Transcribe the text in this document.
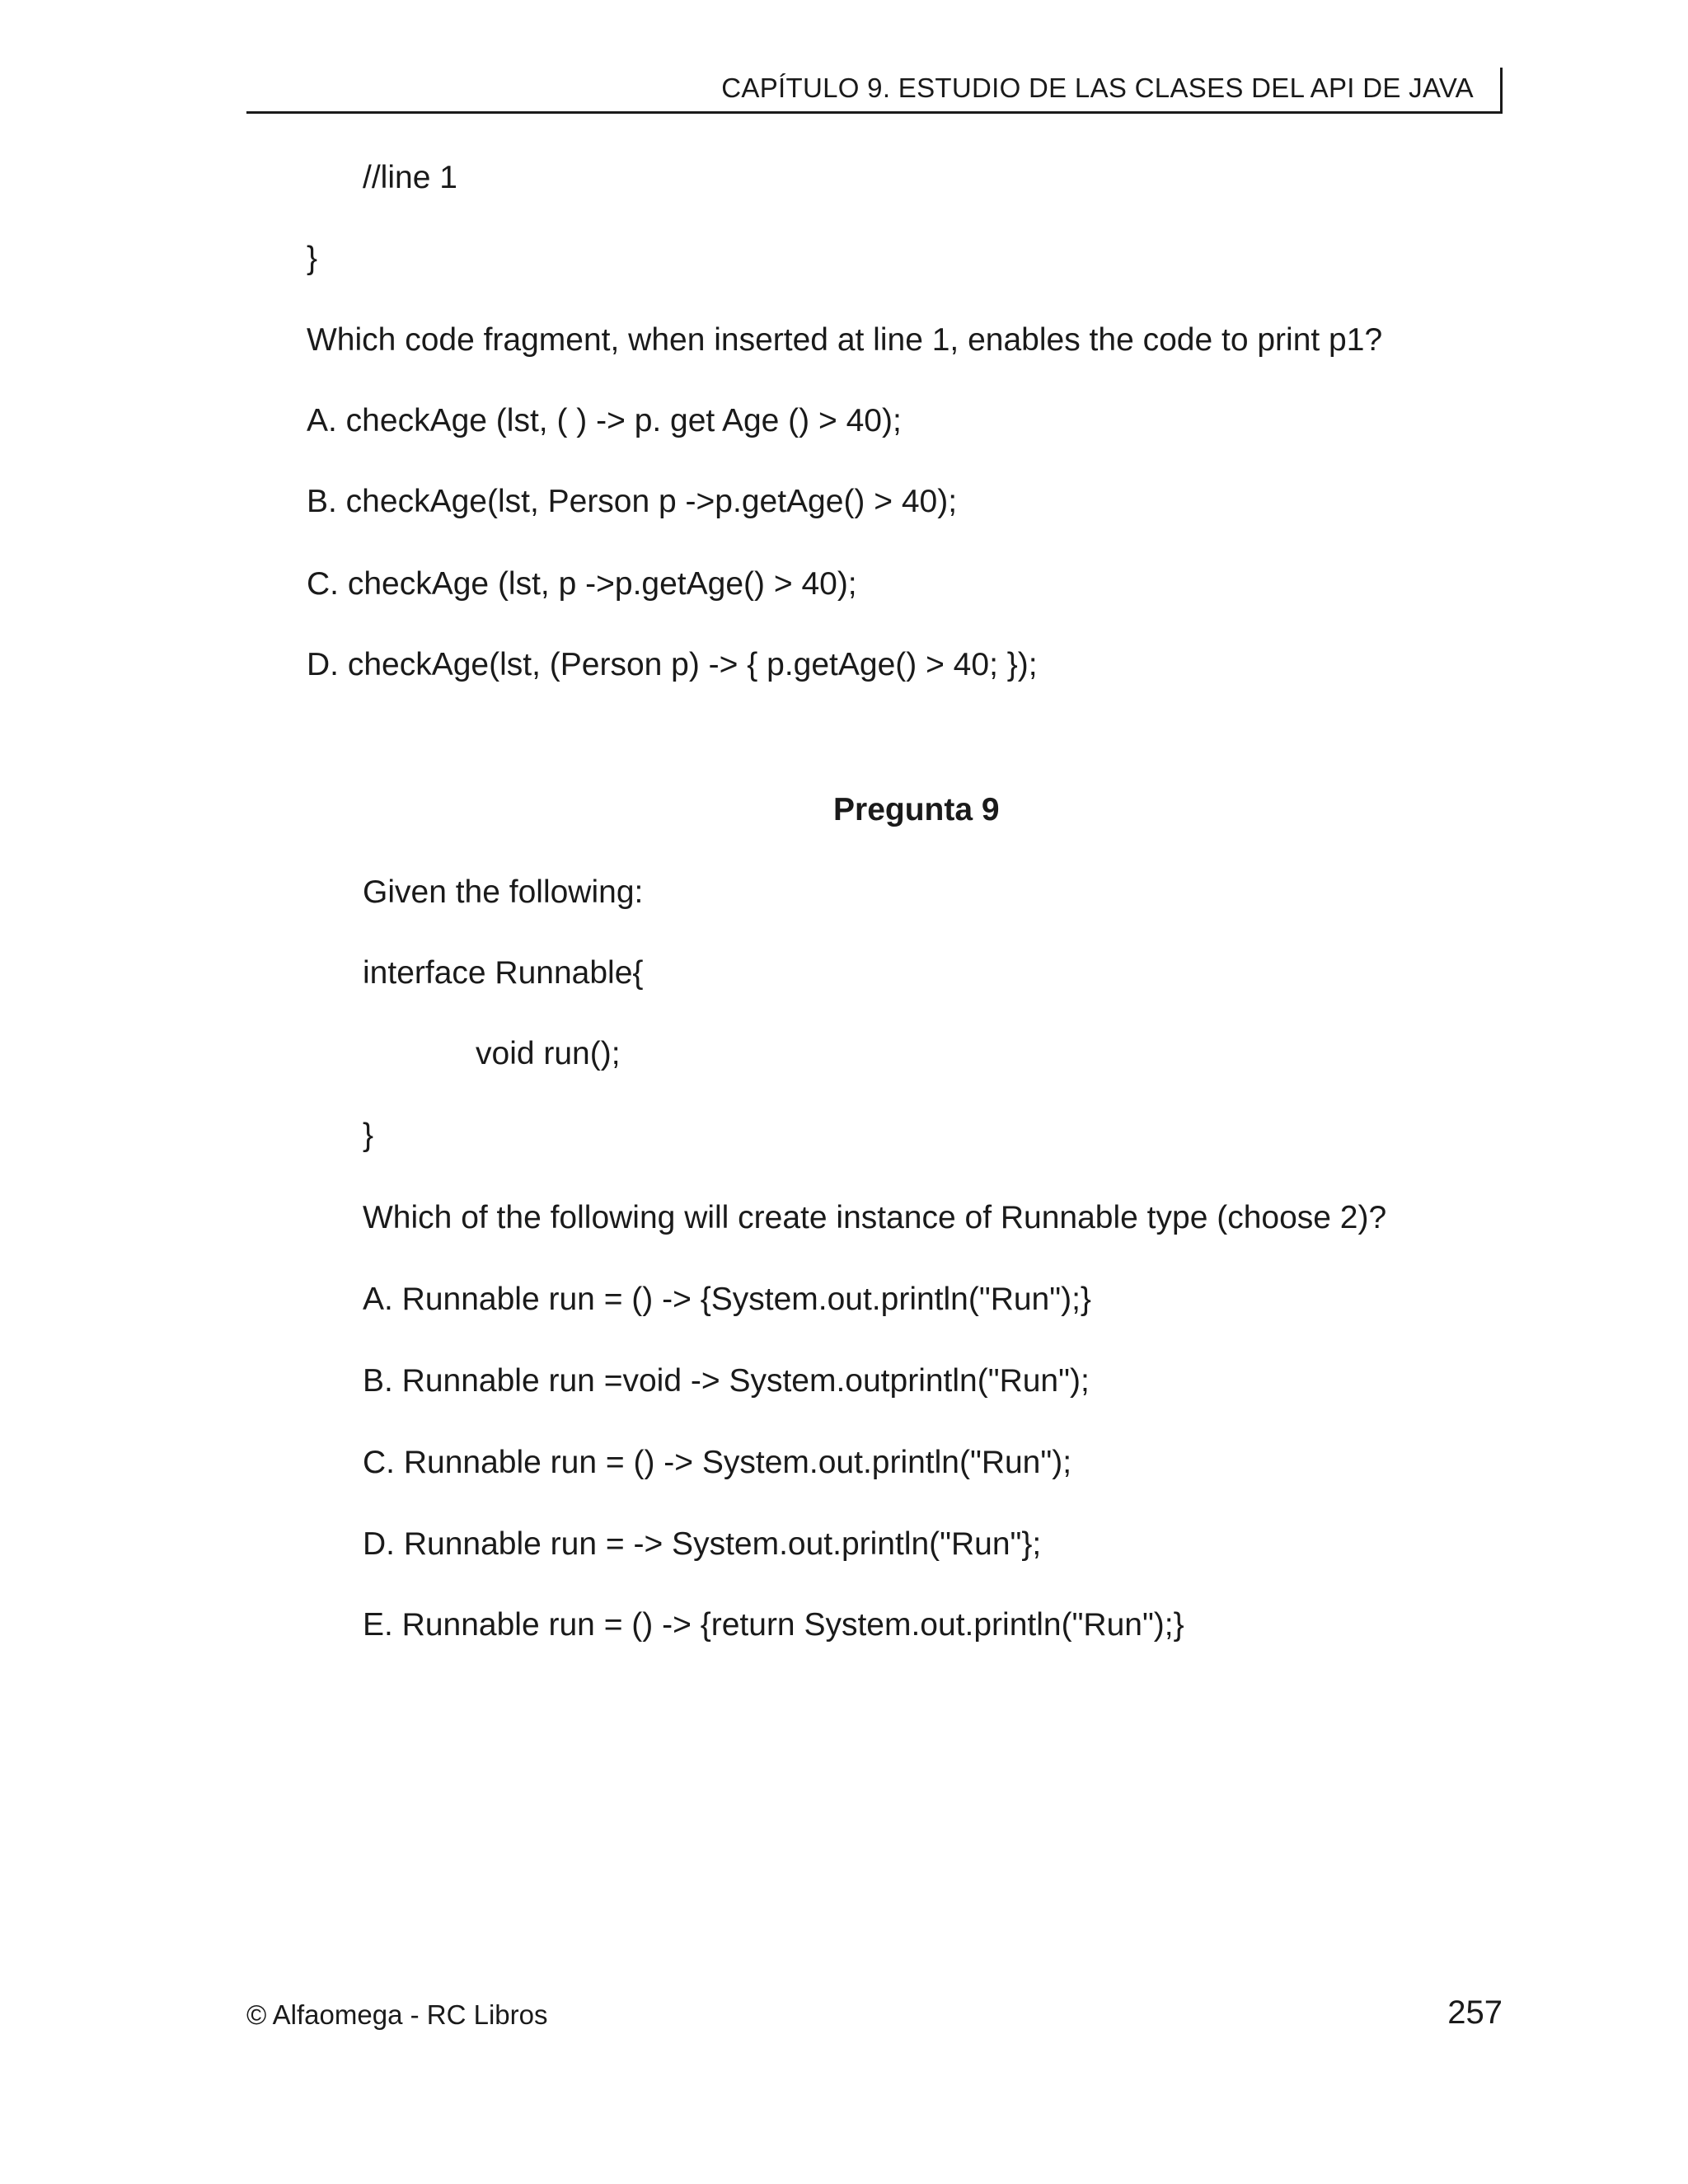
CAPÍTULO 9. ESTUDIO DE LAS CLASES DEL API DE JAVA
//line 1
}
Which code fragment, when inserted at line 1, enables the code to print p1?
A. checkAge (lst, ( ) -> p. get Age () > 40);
B. checkAge(lst, Person p ->p.getAge() > 40);
C. checkAge (lst, p ->p.getAge() > 40);
D. checkAge(lst, (Person p) -> { p.getAge() > 40; });
Pregunta 9
Given the following:
interface Runnable{
void run();
}
Which of the following will create instance of Runnable type (choose 2)?
A. Runnable run = () -> {System.out.println("Run");}
B. Runnable run =void -> System.outprintln("Run");
C. Runnable run = () -> System.out.println("Run");
D. Runnable run = -> System.out.println("Run"};
E. Runnable run = () -> {return System.out.println("Run");}
© Alfaomega - RC Libros	257
